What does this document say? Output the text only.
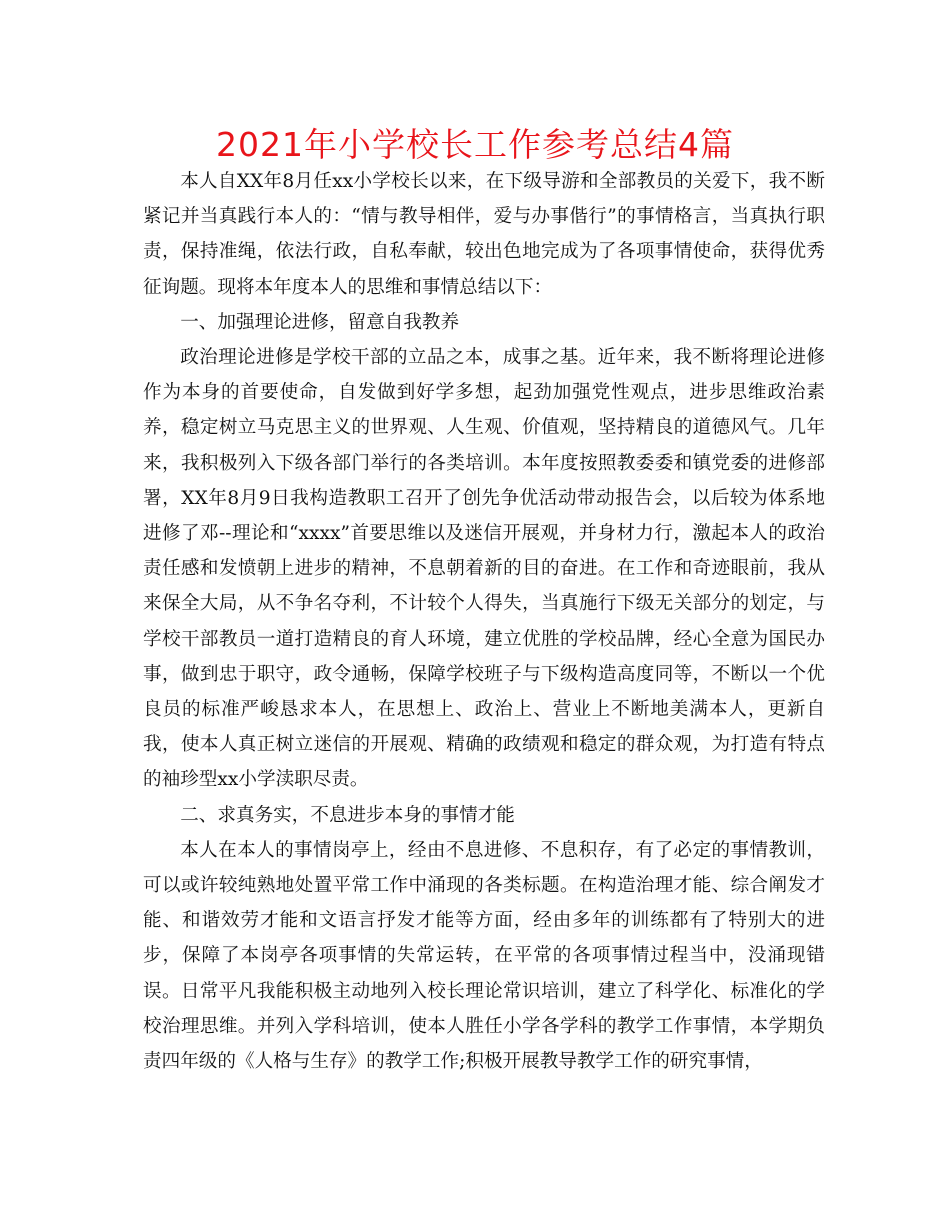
2021年小学校长工作参考总结4篇

本人自XX年8月任xx小学校长以来，在下级导游和全部教员的关爱下，我不断紧记并当真践行本人的：“情与教导相伴，爱与办事偕行”的事情格言，当真执行职责，保持准绳，依法行政，自私奉献，较出色地完成为了各项事情使命，获得优秀征询题。现将本年度本人的思维和事情总结以下：

一、加强理论进修，留意自我教养

政治理论进修是学校干部的立品之本，成事之基。近年来，我不断将理论进修作为本身的首要使命，自发做到好学多想，起劲加强党性观点，进步思维政治素养，稳定树立马克思主义的世界观、人生观、价值观，坚持精良的道德风气。几年来，我积极列入下级各部门举行的各类培训。本年度按照教委委和镇党委的进修部署，XX年8月9日我构造教职工召开了创先争优活动带动报告会，以后较为体系地进修了邓--理论和“xxxx”首要思维以及迷信开展观，并身材力行，激起本人的政治责任感和发愤朝上进步的精神，不息朝着新的目的奋进。在工作和奇迹眼前，我从来保全大局，从不争名夺利，不计较个人得失，当真施行下级无关部分的划定，与学校干部教员一道打造精良的育人环境，建立优胜的学校品牌，经心全意为国民办事，做到忠于职守，政令通畅，保障学校班子与下级构造高度同等，不断以一个优良员的标准严峻恳求本人，在思想上、政治上、营业上不断地美满本人，更新自我，使本人真正树立迷信的开展观、精确的政绩观和稳定的群众观，为打造有特点的袖珍型xx小学渎职尽责。

二、求真务实，不息进步本身的事情才能

本人在本人的事情岗亭上，经由不息进修、不息积存，有了必定的事情教训，可以或许较纯熟地处置平常工作中涌现的各类标题。在构造治理才能、综合阐发才能、和谐效劳才能和文语言抒发才能等方面，经由多年的训练都有了特别大的进步，保障了本岗亭各项事情的失常运转，在平常的各项事情过程当中，没涌现错误。日常平凡我能积极主动地列入校长理论常识培训，建立了科学化、标准化的学校治理思维。并列入学科培训，使本人胜任小学各学科的教学工作事情，本学期负责四年级的《人格与生存》的教学工作;积极开展教导教学工作的研究事情，
